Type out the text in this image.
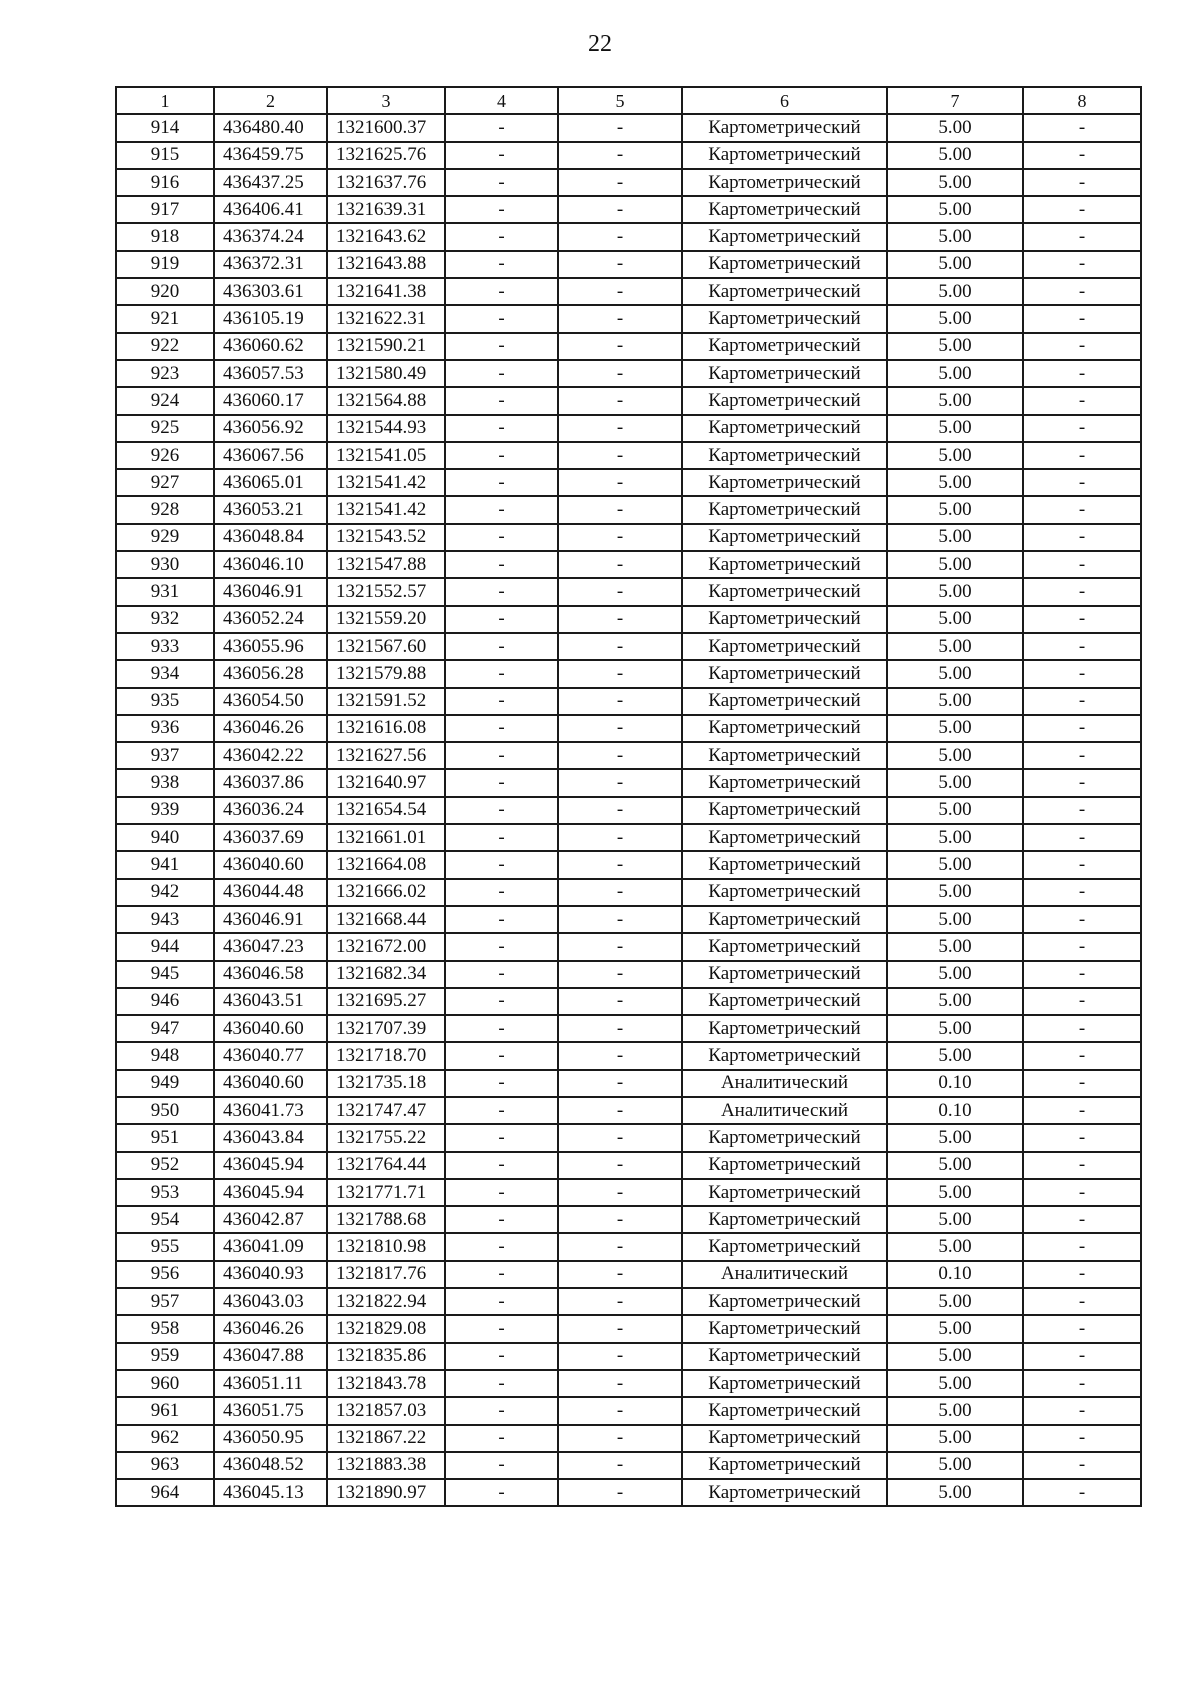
22
1	2	3	4	5	6	7	8
914	436480.40	1321600.37	-	-	Картометрический	5.00	-
915	436459.75	1321625.76	-	-	Картометрический	5.00	-
916	436437.25	1321637.76	-	-	Картометрический	5.00	-
917	436406.41	1321639.31	-	-	Картометрический	5.00	-
918	436374.24	1321643.62	-	-	Картометрический	5.00	-
919	436372.31	1321643.88	-	-	Картометрический	5.00	-
920	436303.61	1321641.38	-	-	Картометрический	5.00	-
921	436105.19	1321622.31	-	-	Картометрический	5.00	-
922	436060.62	1321590.21	-	-	Картометрический	5.00	-
923	436057.53	1321580.49	-	-	Картометрический	5.00	-
924	436060.17	1321564.88	-	-	Картометрический	5.00	-
925	436056.92	1321544.93	-	-	Картометрический	5.00	-
926	436067.56	1321541.05	-	-	Картометрический	5.00	-
927	436065.01	1321541.42	-	-	Картометрический	5.00	-
928	436053.21	1321541.42	-	-	Картометрический	5.00	-
929	436048.84	1321543.52	-	-	Картометрический	5.00	-
930	436046.10	1321547.88	-	-	Картометрический	5.00	-
931	436046.91	1321552.57	-	-	Картометрический	5.00	-
932	436052.24	1321559.20	-	-	Картометрический	5.00	-
933	436055.96	1321567.60	-	-	Картометрический	5.00	-
934	436056.28	1321579.88	-	-	Картометрический	5.00	-
935	436054.50	1321591.52	-	-	Картометрический	5.00	-
936	436046.26	1321616.08	-	-	Картометрический	5.00	-
937	436042.22	1321627.56	-	-	Картометрический	5.00	-
938	436037.86	1321640.97	-	-	Картометрический	5.00	-
939	436036.24	1321654.54	-	-	Картометрический	5.00	-
940	436037.69	1321661.01	-	-	Картометрический	5.00	-
941	436040.60	1321664.08	-	-	Картометрический	5.00	-
942	436044.48	1321666.02	-	-	Картометрический	5.00	-
943	436046.91	1321668.44	-	-	Картометрический	5.00	-
944	436047.23	1321672.00	-	-	Картометрический	5.00	-
945	436046.58	1321682.34	-	-	Картометрический	5.00	-
946	436043.51	1321695.27	-	-	Картометрический	5.00	-
947	436040.60	1321707.39	-	-	Картометрический	5.00	-
948	436040.77	1321718.70	-	-	Картометрический	5.00	-
949	436040.60	1321735.18	-	-	Аналитический	0.10	-
950	436041.73	1321747.47	-	-	Аналитический	0.10	-
951	436043.84	1321755.22	-	-	Картометрический	5.00	-
952	436045.94	1321764.44	-	-	Картометрический	5.00	-
953	436045.94	1321771.71	-	-	Картометрический	5.00	-
954	436042.87	1321788.68	-	-	Картометрический	5.00	-
955	436041.09	1321810.98	-	-	Картометрический	5.00	-
956	436040.93	1321817.76	-	-	Аналитический	0.10	-
957	436043.03	1321822.94	-	-	Картометрический	5.00	-
958	436046.26	1321829.08	-	-	Картометрический	5.00	-
959	436047.88	1321835.86	-	-	Картометрический	5.00	-
960	436051.11	1321843.78	-	-	Картометрический	5.00	-
961	436051.75	1321857.03	-	-	Картометрический	5.00	-
962	436050.95	1321867.22	-	-	Картометрический	5.00	-
963	436048.52	1321883.38	-	-	Картометрический	5.00	-
964	436045.13	1321890.97	-	-	Картометрический	5.00	-
